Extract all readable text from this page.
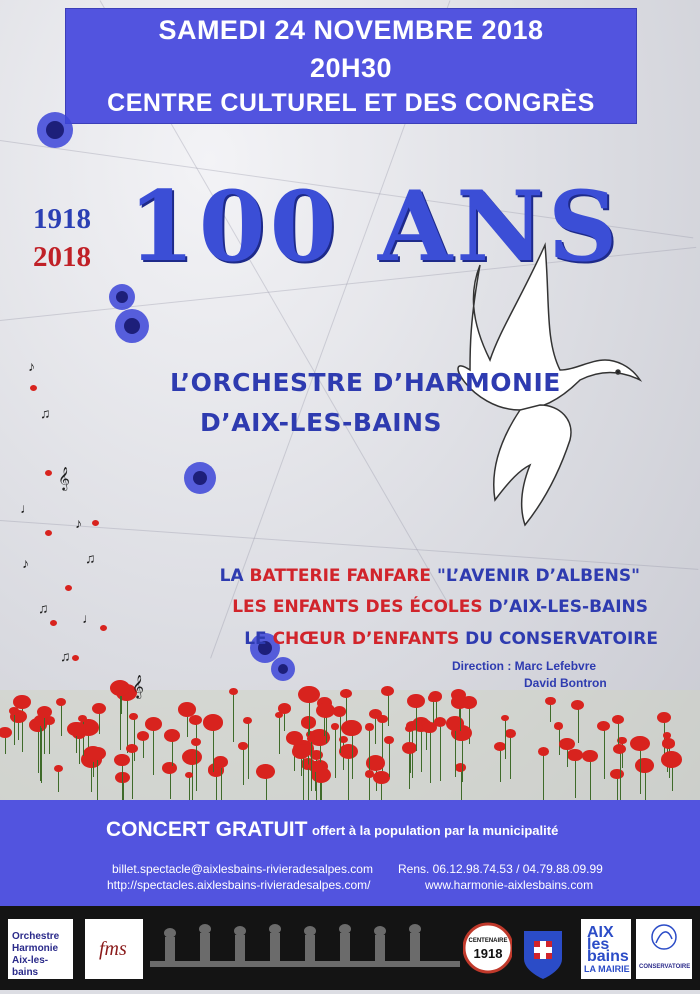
SAMEDI 24 NOVEMBRE 2018
20H30
CENTRE CULTUREL ET DES CONGRÈS
1918
2018 100 ANS
L’ORCHESTRE D’HARMONIE
D’AIX-LES-BAINS
♪
♫
𝄞
♩
♪
♫
♪
♫
♩
♫
𝄞
LA BATTERIE FANFARE "L’AVENIR D’ALBENS"
LES ENFANTS DES ÉCOLES D’AIX-LES-BAINS
LE CHŒUR D’ENFANTS DU CONSERVATOIRE
Direction : Marc Lefebvre
David Bontron
CONCERT GRATUIT offert à la population par la municipalité
billet.spectacle@aixlesbains-rivieradesalpes.com
http://spectacles.aixlesbains-rivieradesalpes.com/
Rens. 06.12.98.74.53 / 04.79.88.09.99
www.harmonie-aixlesbains.com
Orchestre Harmonie Aix-les-bains
fms	CENTENAIRE
1918
AIX les bains
LA MAIRIE CONSERVATOIRE
